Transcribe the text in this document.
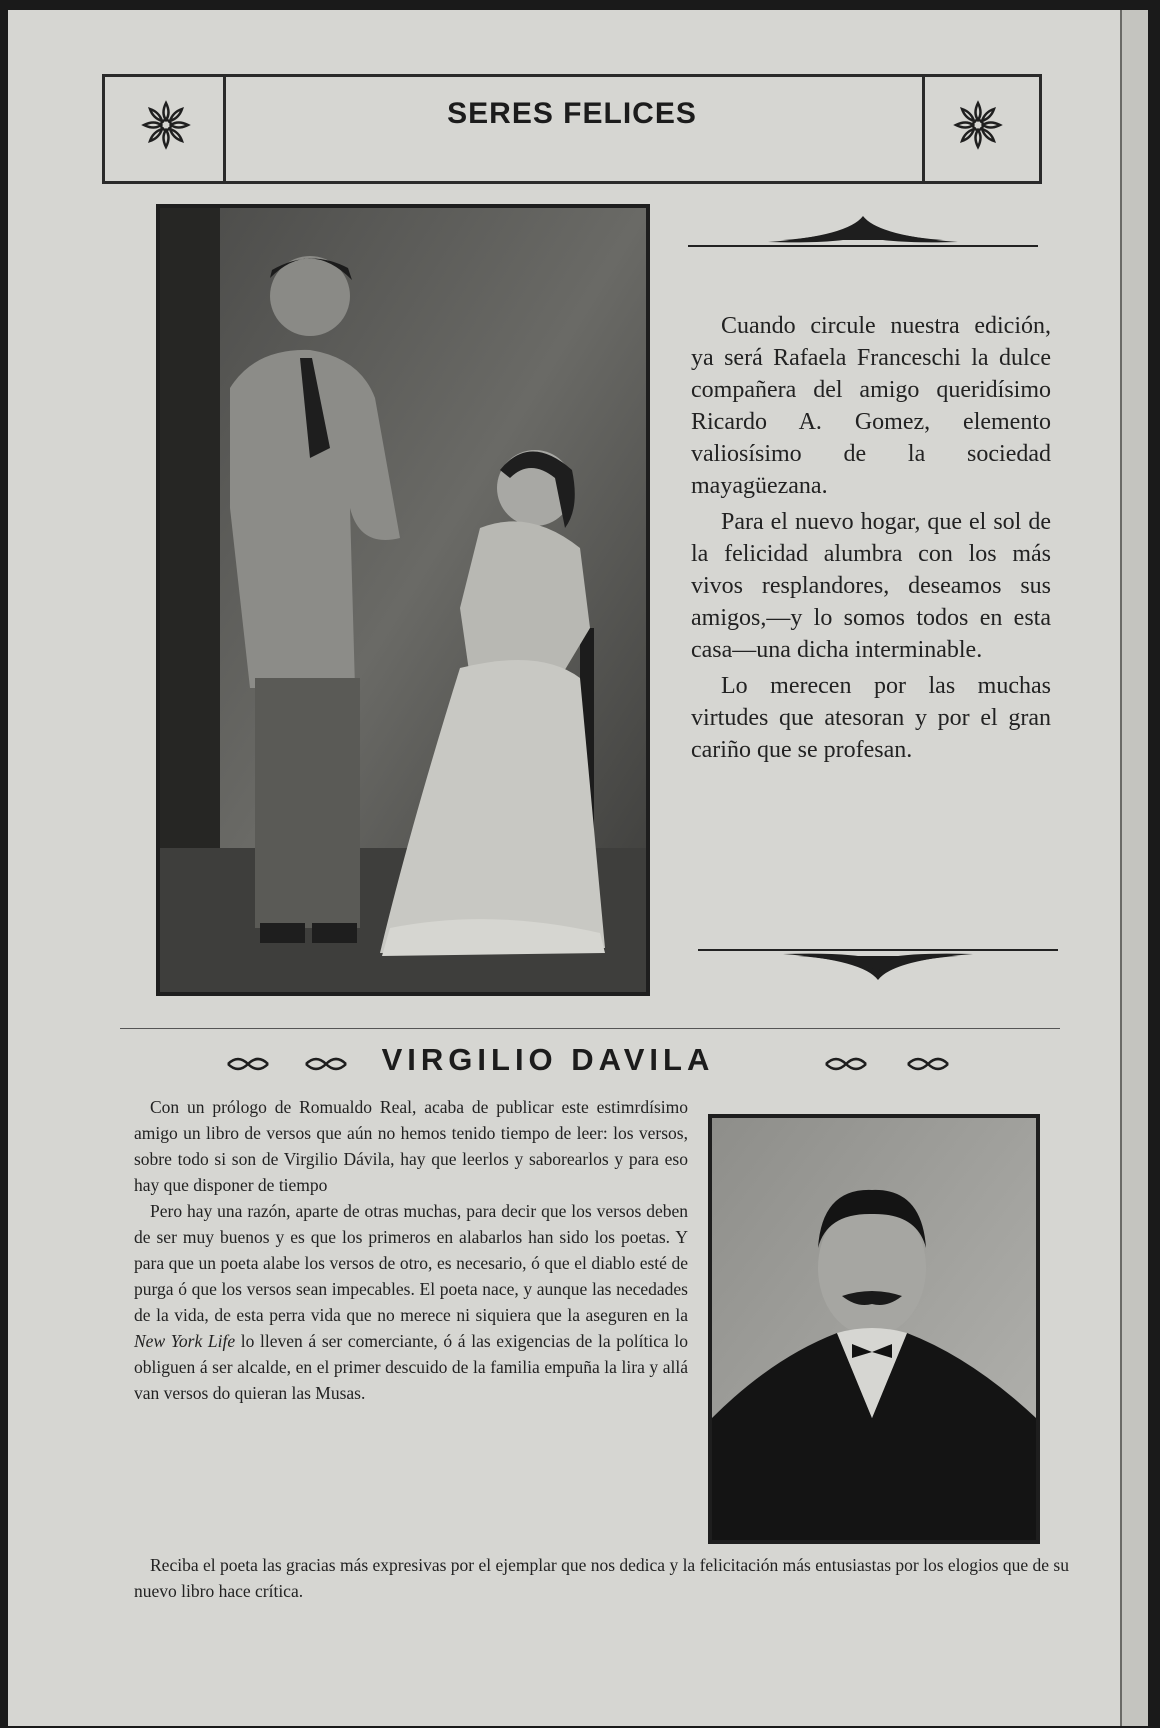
SERES FELICES

Cuando circule nuestra edición, ya será Rafaela Franceschi la dulce compañera del amigo queridísimo Ricardo A. Gomez, elemento valiosísimo de la sociedad mayagüezana.

Para el nuevo hogar, que el sol de la felicidad alumbra con los más vivos resplandores, deseamos sus amigos,—y lo somos todos en esta casa—una dicha interminable.

Lo merecen por las muchas virtudes que atesoran y por el gran cariño que se profesan.

VIRGILIO DAVILA

Con un prólogo de Romualdo Real, acaba de publicar este estimrdísimo amigo un libro de versos que aún no hemos tenido tiempo de leer: los versos, sobre todo si son de Virgilio Dávila, hay que leerlos y saborearlos y para eso hay que disponer de tiempo

Pero hay una razón, aparte de otras muchas, para decir que los versos deben de ser muy buenos y es que los primeros en alabarlos han sido los poetas. Y para que un poeta alabe los versos de otro, es necesario, ó que el diablo esté de purga ó que los versos sean impecables. El poeta nace, y aunque las necedades de la vida, de esta perra vida que no merece ni siquiera que la aseguren en la New York Life lo lleven á ser comerciante, ó á las exigencias de la política lo obliguen á ser alcalde, en el primer descuido de la familia empuña la lira y allá van versos do quieran las Musas.

Reciba el poeta las gracias más expresivas por el ejemplar que nos dedica y la felicitación más entusiastas por los elogios que de su nuevo libro hace crítica.
